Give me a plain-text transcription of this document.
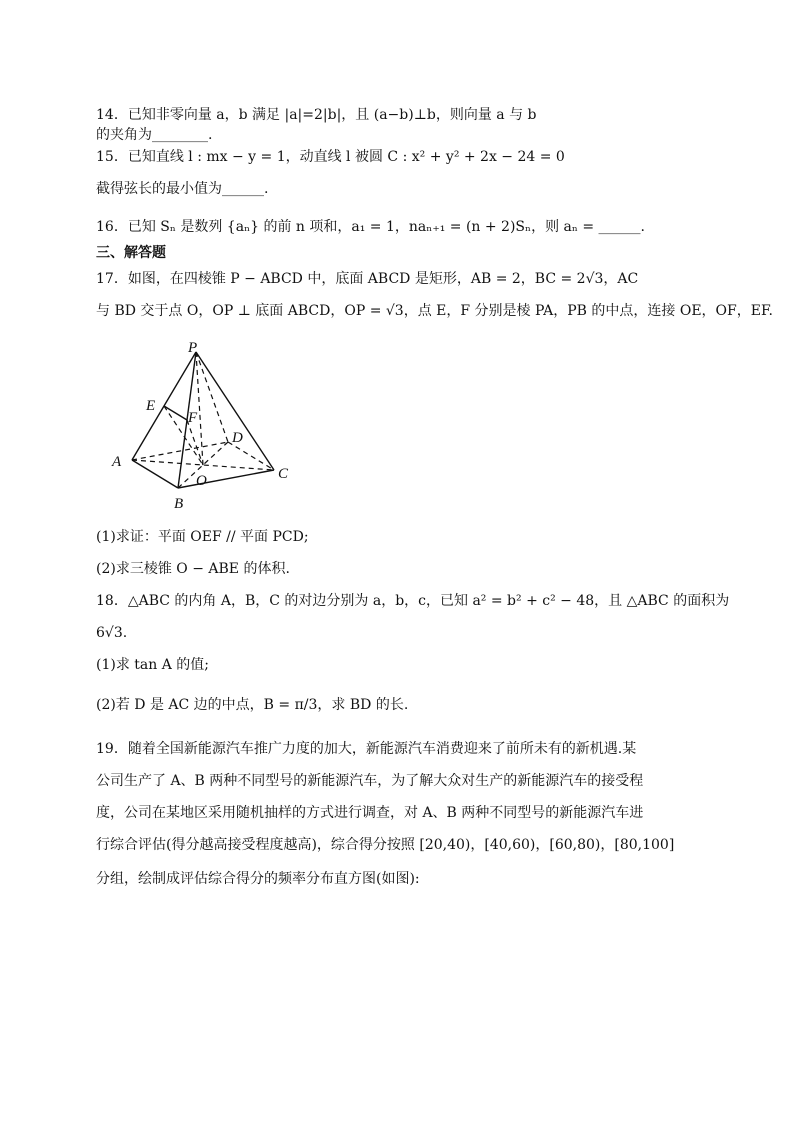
14．已知非零向量 a，b 满足 |a|=2|b|，且 (a−b)⊥b，则向量 a 与 b
的夹角为________.
15．已知直线 l : mx − y = 1，动直线 l 被圆 C : x² + y² + 2x − 24 = 0
截得弦长的最小值为______.
16．已知 Sₙ 是数列 {aₙ} 的前 n 项和，a₁ = 1，naₙ₊₁ = (n + 2)Sₙ，则 aₙ = ______.
三、解答题
17．如图，在四棱锥 P − ABCD 中，底面 ABCD 是矩形，AB = 2，BC = 2√3，AC
与 BD 交于点 O，OP ⊥ 底面 ABCD，OP = √3，点 E，F 分别是棱 PA，PB 的中点，连接 OE，OF，EF.
(1)求证：平面 OEF // 平面 PCD;
(2)求三棱锥 O − ABE 的体积.
18．△ABC 的内角 A，B，C 的对边分别为 a，b，c，已知 a² = b² + c² − 48，且 △ABC 的面积为
6√3.
(1)求 tan A 的值;
(2)若 D 是 AC 边的中点，B = π/3，求 BD 的长.
19．随着全国新能源汽车推广力度的加大，新能源汽车消费迎来了前所未有的新机遇.某
公司生产了 A、B 两种不同型号的新能源汽车，为了解大众对生产的新能源汽车的接受程
度，公司在某地区采用随机抽样的方式进行调查，对 A、B 两种不同型号的新能源汽车进
行综合评估(得分越高接受程度越高)，综合得分按照 [20,40)，[40,60)，[60,80)，[80,100]
分组，绘制成评估综合得分的频率分布直方图(如图):
P
E
F
D
A
O	C
B
